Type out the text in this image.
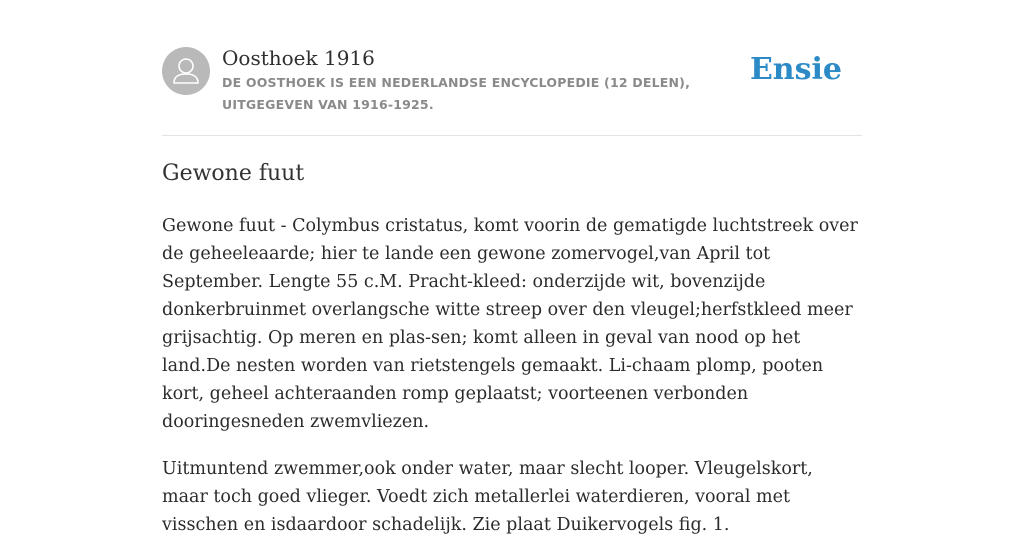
Oosthoek 1916
DE OOSTHOEK IS EEN NEDERLANDSE ENCYCLOPEDIE (12 DELEN), UITGEGEVEN VAN 1916-1925.
Ensie
Gewone fuut

Gewone fuut - Colymbus cristatus, komt voorin de gematigde luchtstreek over de geheeleaarde; hier te lande een gewone zomervogel,van April tot September. Lengte 55 c.M. Pracht-kleed: onderzijde wit, bovenzijde donkerbruinmet overlangsche witte streep over den vleugel;herfstkleed meer grijsachtig. Op meren en plas-sen; komt alleen in geval van nood op het land.De nesten worden van rietstengels gemaakt. Li-chaam plomp, pooten kort, geheel achteraanden romp geplaatst; voorteenen verbonden dooringesneden zwemvliezen.

Uitmuntend zwemmer,ook onder water, maar slecht looper. Vleugelskort, maar toch goed vlieger. Voedt zich metallerlei waterdieren, vooral met visschen en isdaardoor schadelijk. Zie plaat Duikervogels fig. 1.
